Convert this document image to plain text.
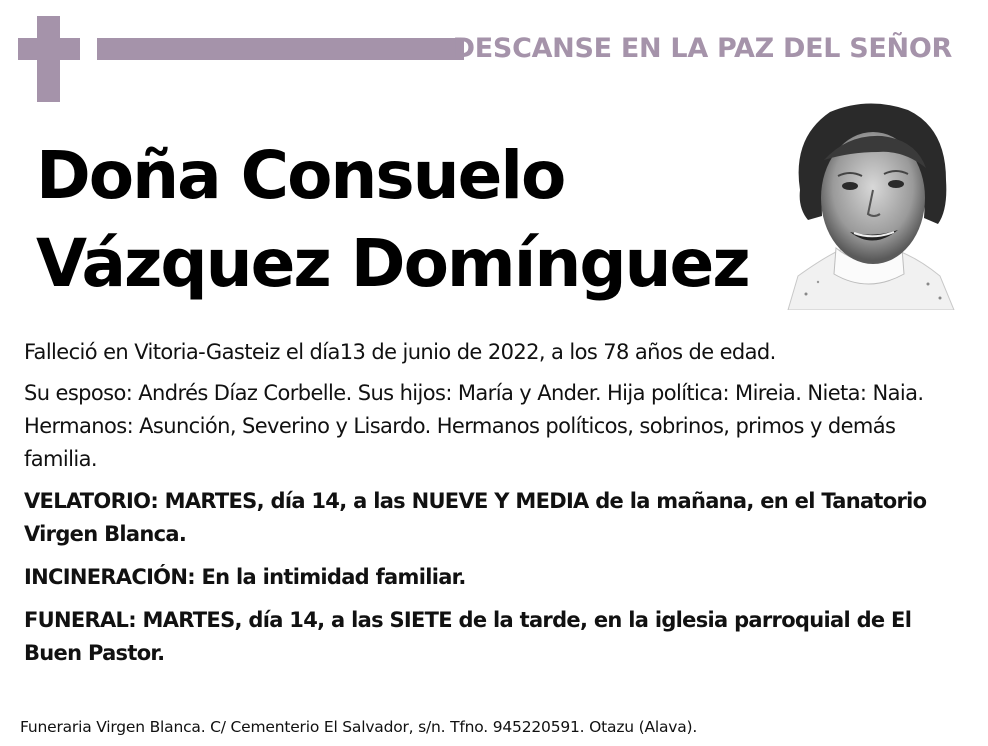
DESCANSE EN LA PAZ DEL SEÑOR
Doña Consuelo
Vázquez Domínguez

Falleció en Vitoria-Gasteiz el día13 de junio de 2022, a los 78 años de edad.

Su esposo: Andrés Díaz Corbelle. Sus hijos: María y Ander. Hija política: Mireia. Nieta: Naia. Hermanos: Asunción, Severino y Lisardo. Hermanos políticos, sobrinos, primos y demás familia.

VELATORIO: MARTES, día 14, a las NUEVE Y MEDIA de la mañana, en el Tanatorio Virgen Blanca.

INCINERACIÓN: En la intimidad familiar.

FUNERAL: MARTES, día 14, a las SIETE de la tarde, en la iglesia parroquial de El Buen Pastor.

Funeraria Virgen Blanca. C/ Cementerio El Salvador, s/n. Tfno. 945220591. Otazu (Alava).
